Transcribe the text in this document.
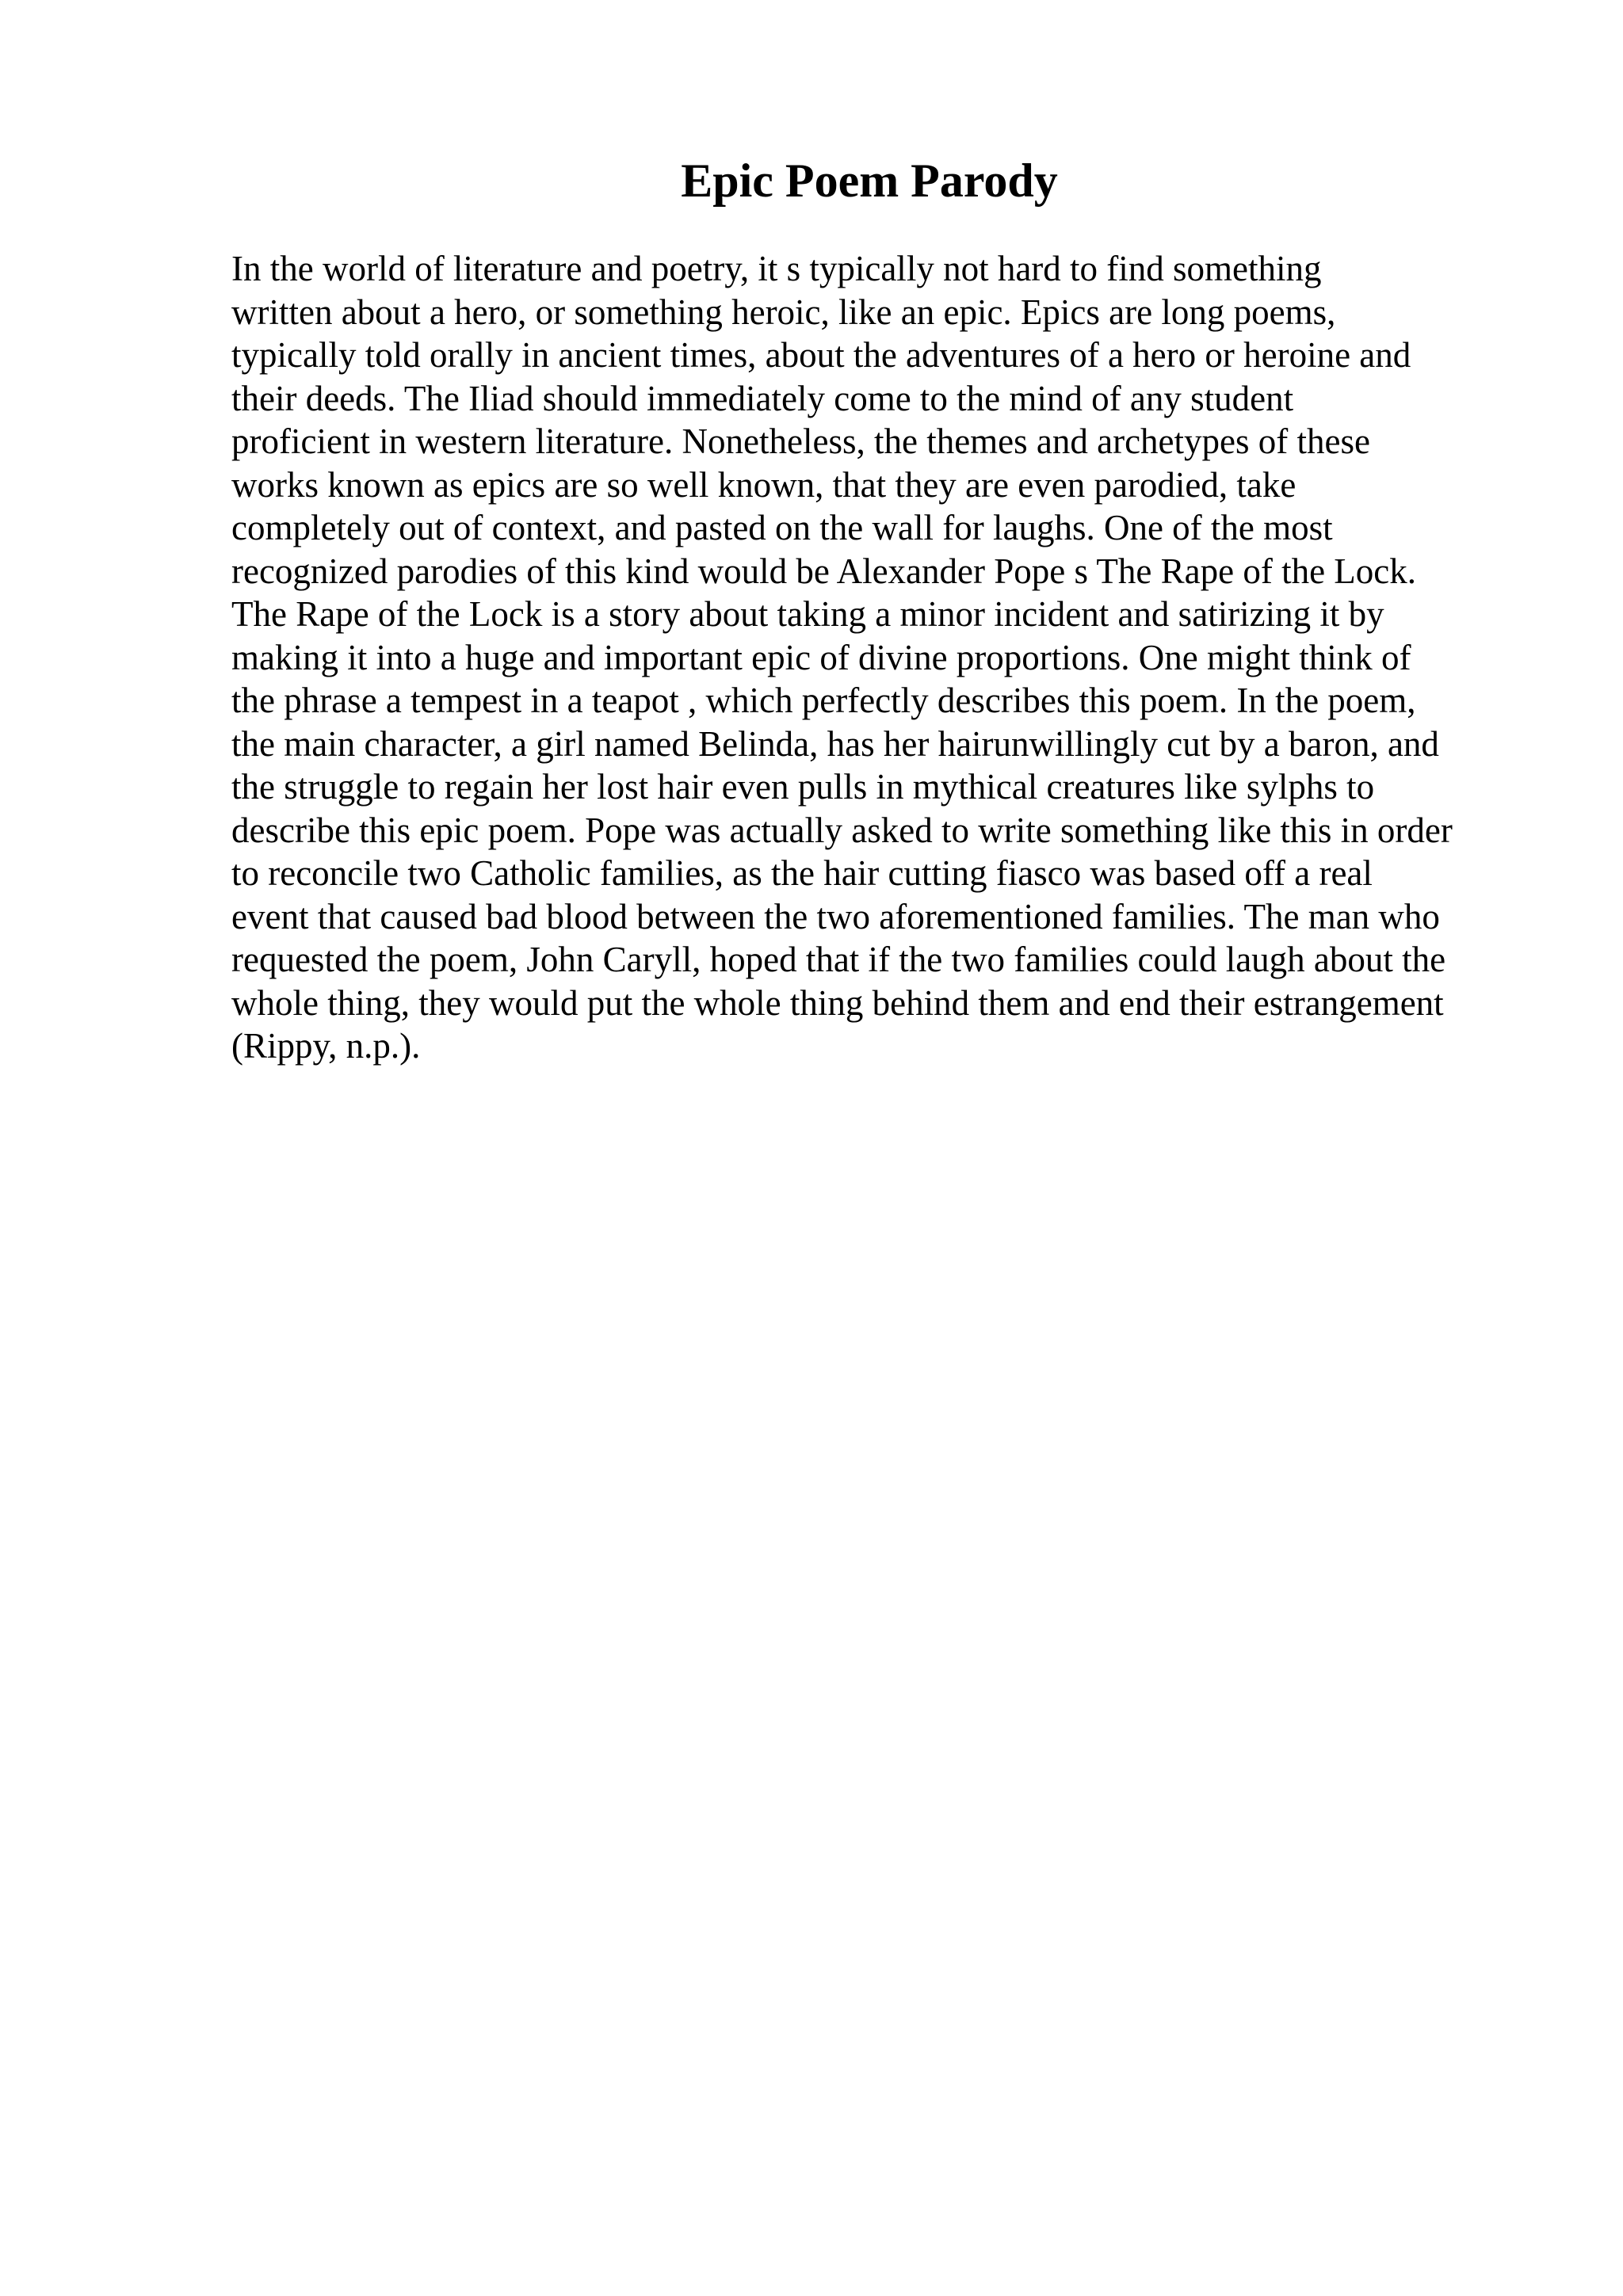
Epic Poem Parody

In the world of literature and poetry, it s typically not hard to find something
written about a hero, or something heroic, like an epic. Epics are long poems,
typically told orally in ancient times, about the adventures of a hero or heroine and
their deeds. The Iliad should immediately come to the mind of any student
proficient in western literature. Nonetheless, the themes and archetypes of these
works known as epics are so well known, that they are even parodied, take
completely out of context, and pasted on the wall for laughs. One of the most
recognized parodies of this kind would be Alexander Pope s The Rape of the Lock.
The Rape of the Lock is a story about taking a minor incident and satirizing it by
making it into a huge and important epic of divine proportions. One might think of
the phrase a tempest in a teapot , which perfectly describes this poem. In the poem,
the main character, a girl named Belinda, has her hairunwillingly cut by a baron, and
the struggle to regain her lost hair even pulls in mythical creatures like sylphs to
describe this epic poem. Pope was actually asked to write something like this in order
to reconcile two Catholic families, as the hair cutting fiasco was based off a real
event that caused bad blood between the two aforementioned families. The man who
requested the poem, John Caryll, hoped that if the two families could laugh about the
whole thing, they would put the whole thing behind them and end their estrangement
(Rippy, n.p.).
